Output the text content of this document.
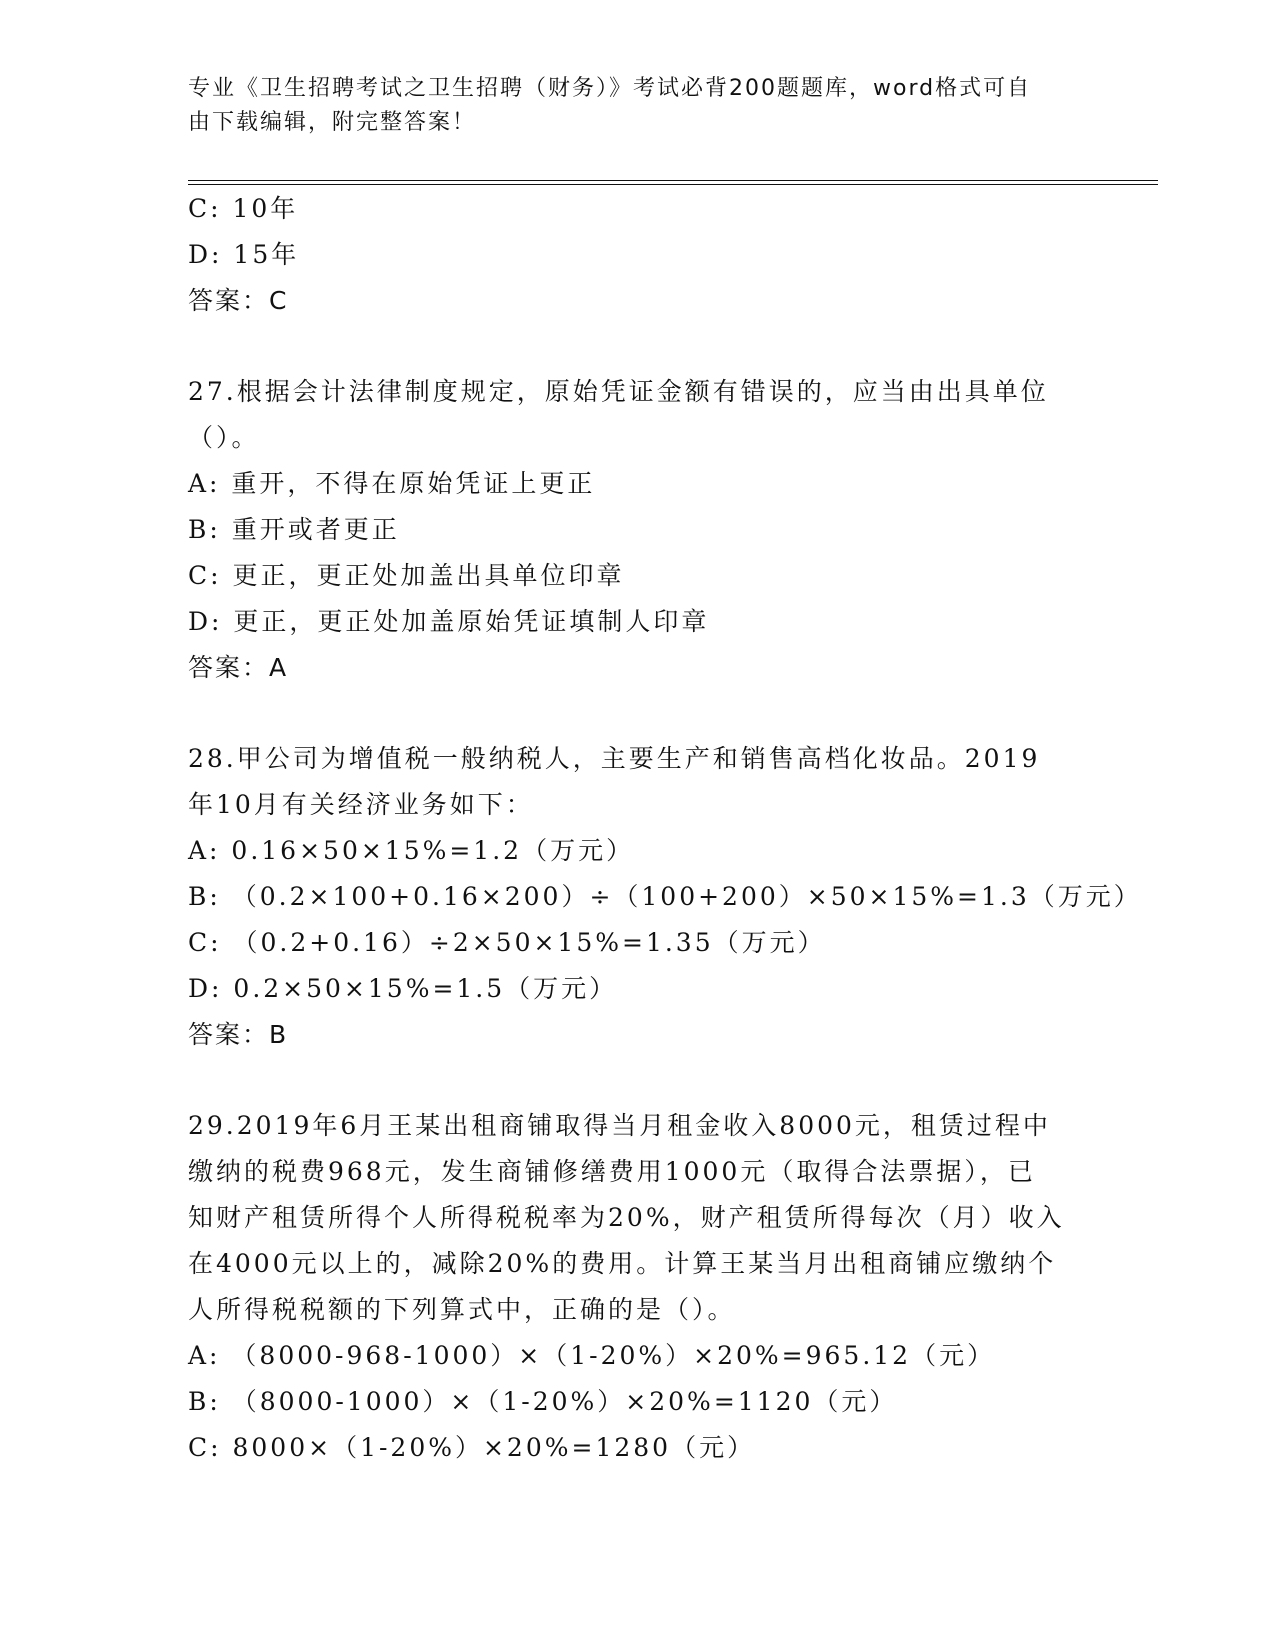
专业《卫生招聘考试之卫生招聘（财务）》考试必背200题题库，word格式可自
由下载编辑，附完整答案！
C: 10年
D: 15年
答案：C
27.根据会计法律制度规定，原始凭证金额有错误的，应当由出具单位
（）。
A: 重开，不得在原始凭证上更正
B: 重开或者更正
C: 更正，更正处加盖出具单位印章
D: 更正，更正处加盖原始凭证填制人印章
答案：A
28.甲公司为增值税一般纳税人，主要生产和销售高档化妆品。2019
年10月有关经济业务如下：
A: 0.16×50×15%=1.2（万元）
B: （0.2×100+0.16×200）÷（100+200）×50×15%=1.3（万元）
C: （0.2+0.16）÷2×50×15%=1.35（万元）
D: 0.2×50×15%=1.5（万元）
答案：B
29.2019年6月王某出租商铺取得当月租金收入8000元，租赁过程中
缴纳的税费968元，发生商铺修缮费用1000元（取得合法票据），已
知财产租赁所得个人所得税税率为20%，财产租赁所得每次（月）收入
在4000元以上的，减除20%的费用。计算王某当月出租商铺应缴纳个
人所得税税额的下列算式中，正确的是（）。
A: （8000-968-1000）×（1-20%）×20%=965.12（元）
B: （8000-1000）×（1-20%）×20%=1120（元）
C: 8000×（1-20%）×20%=1280（元）
